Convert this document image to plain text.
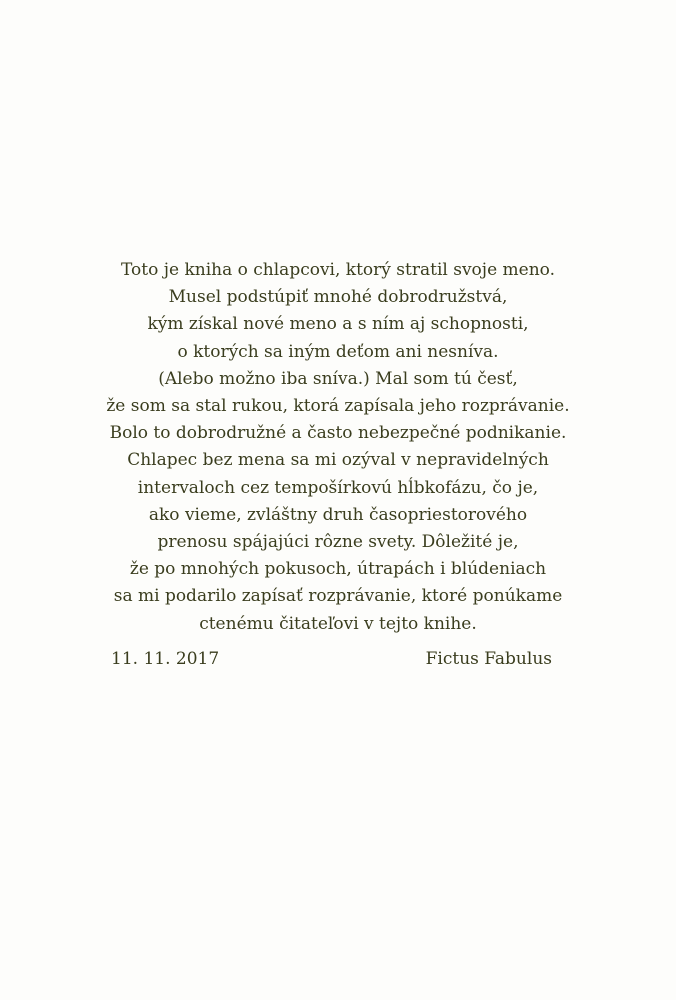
Toto je kniha o chlapcovi, ktorý stratil svoje meno.
Musel podstúpiť mnohé dobrodružstvá,
kým získal nové meno a s ním aj schopnosti,
o ktorých sa iným deťom ani nesníva.
(Alebo možno iba sníva.) Mal som tú česť,
že som sa stal rukou, ktorá zapísala jeho rozprávanie.
Bolo to dobrodružné a často nebezpečné podnikanie.
Chlapec bez mena sa mi ozýval v nepravidelných
intervaloch cez tempošírkovú hĺbkofázu, čo je,
ako vieme, zvláštny druh časopriestorového
prenosu spájajúci rôzne svety. Dôležité je,
že po mnohých pokusoch, útrapách i blúdeniach
sa mi podarilo zapísať rozprávanie, ktoré ponúkame
ctenému čitateľovi v tejto knihe.
11. 11. 2017	Fictus Fabulus
